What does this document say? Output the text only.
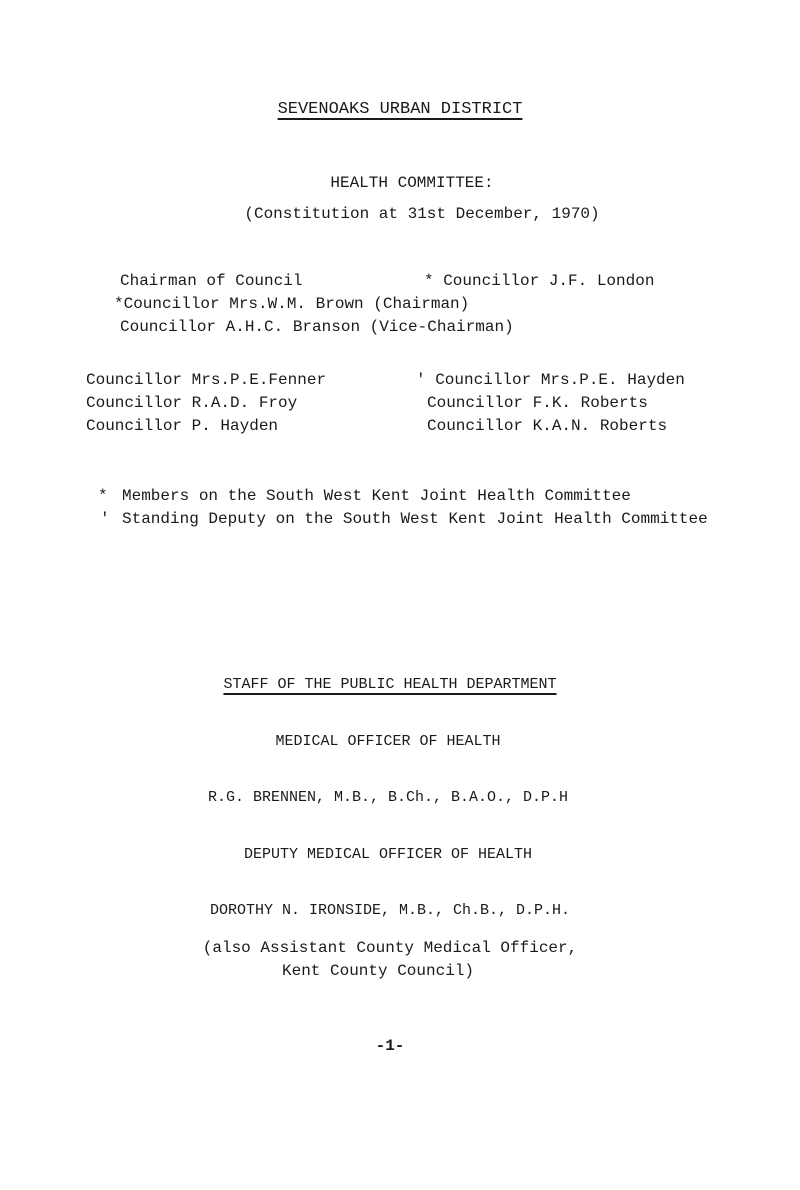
SEVENOAKS URBAN DISTRICT
HEALTH COMMITTEE:
(Constitution at 31st December, 1970)
Chairman of Council	* Councillor J.F. London
*Councillor Mrs.W.M. Brown (Chairman)
Councillor A.H.C. Branson (Vice-Chairman)
Councillor Mrs.P.E.Fenner
Councillor R.A.D. Froy
Councillor P. Hayden
' Councillor Mrs.P.E. Hayden
Councillor F.K. Roberts
Councillor K.A.N. Roberts
* Members on the South West Kent Joint Health Committee
' Standing Deputy on the South West Kent Joint Health Committee
STAFF OF THE PUBLIC HEALTH DEPARTMENT
MEDICAL OFFICER OF HEALTH
R.G. BRENNEN, M.B., B.Ch., B.A.O., D.P.H
DEPUTY MEDICAL OFFICER OF HEALTH
DOROTHY N. IRONSIDE, M.B., Ch.B., D.P.H.
(also Assistant County Medical Officer,
Kent County Council)
-1-
